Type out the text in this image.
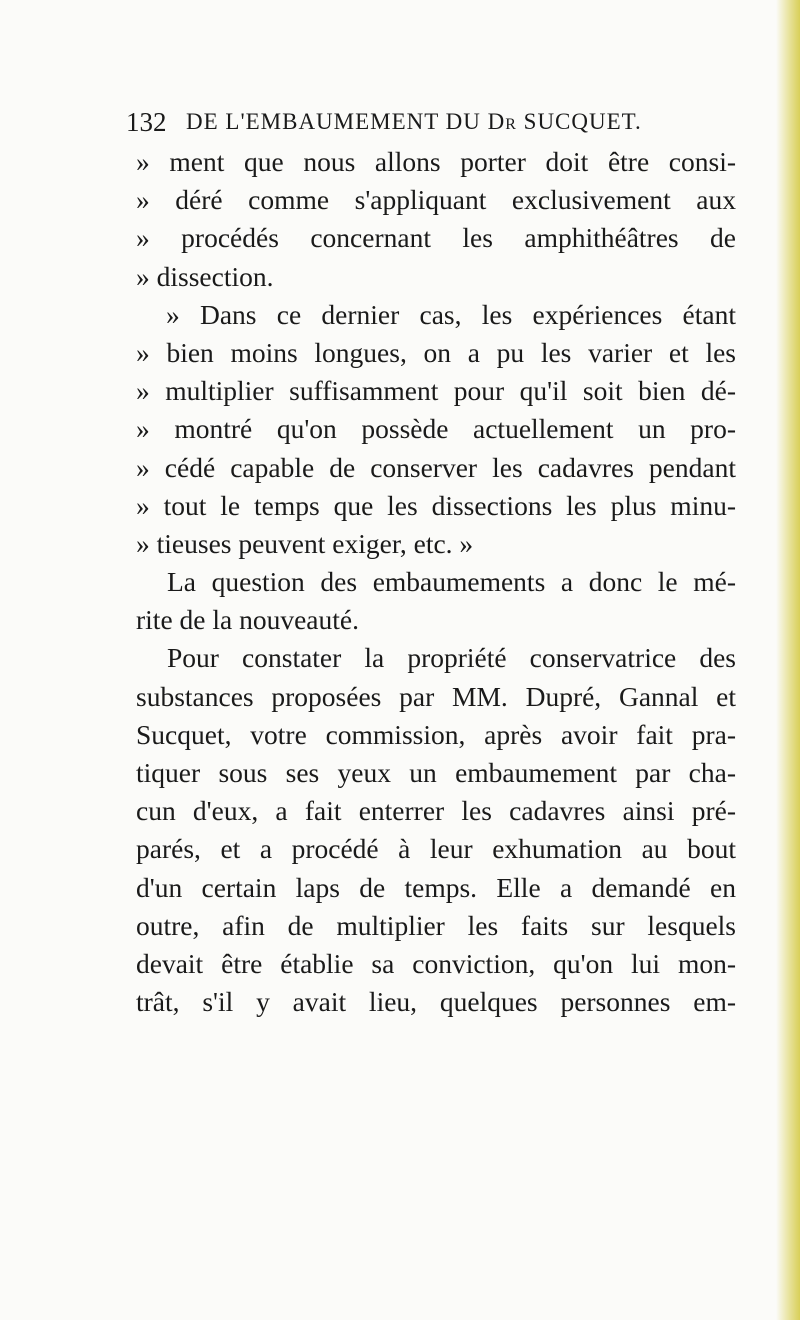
132 DE L'EMBAUMEMENT DU Dr SUCQUET.
» ment que nous allons porter doit être consi-
» déré comme s'appliquant exclusivement aux
» procédés concernant les amphithéâtres de
» dissection.
» Dans ce dernier cas, les expériences étant
» bien moins longues, on a pu les varier et les
» multiplier suffisamment pour qu'il soit bien dé-
» montré qu'on possède actuellement un pro-
» cédé capable de conserver les cadavres pendant
» tout le temps que les dissections les plus minu-
» tieuses peuvent exiger, etc. »
La question des embaumements a donc le mé-
rite de la nouveauté.
Pour constater la propriété conservatrice des
substances proposées par MM. Dupré, Gannal et
Sucquet, votre commission, après avoir fait pra-
tiquer sous ses yeux un embaumement par cha-
cun d'eux, a fait enterrer les cadavres ainsi pré-
parés, et a procédé à leur exhumation au bout
d'un certain laps de temps. Elle a demandé en
outre, afin de multiplier les faits sur lesquels
devait être établie sa conviction, qu'on lui mon-
trât, s'il y avait lieu, quelques personnes em-
